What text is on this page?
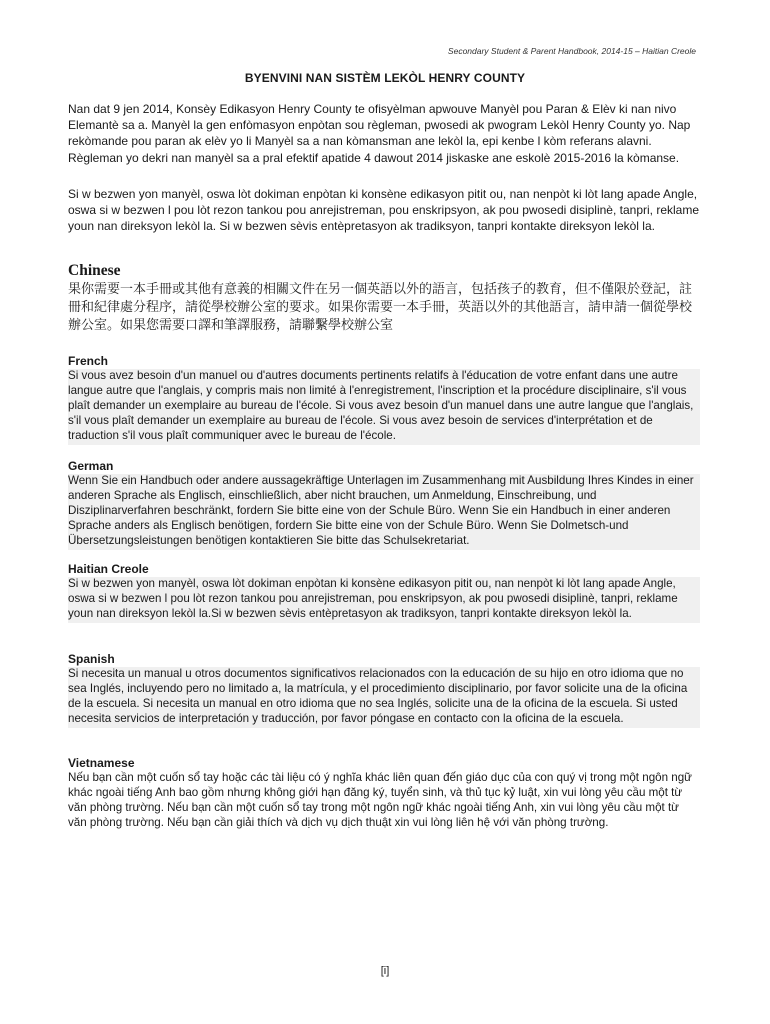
Secondary Student & Parent Handbook, 2014-15 – Haitian Creole
BYENVINI NAN SISTÈM LEKÒL HENRY COUNTY

Nan dat 9 jen 2014, Konsèy Edikasyon Henry County te ofisyèlman apwouve Manyèl pou Paran & Elèv ki nan nivo Elemantè sa a. Manyèl la gen enfòmasyon enpòtan sou règleman, pwosedi ak pwogram Lekòl Henry County yo. Nap rekòmande pou paran ak elèv yo li Manyèl sa a nan kòmansman ane lekòl la, epi kenbe l kòm referans alavni. Règleman yo dekri nan manyèl sa a pral efektif apatide 4 dawout 2014 jiskaske ane eskolè 2015-2016 la kòmanse.

Si w bezwen yon manyèl, oswa lòt dokiman enpòtan ki konsène edikasyon pitit ou, nan nenpòt ki lòt lang apade Angle, oswa si w bezwen l pou lòt rezon tankou pou anrejistreman, pou enskripsyon, ak pou pwosedi disiplinè, tanpri, reklame youn nan direksyon lekòl la. Si w bezwen sèvis entèpretasyon ak tradiksyon, tanpri kontakte direksyon lekòl la.

Chinese

果你需要一本手冊或其他有意義的相關文件在另一個英語以外的語言，包括孩子的教育，但不僅限於登記，註冊和紀律處分程序，請從學校辦公室的要求。如果你需要一本手冊，英語以外的其他語言，請申請一個從學校辦公室。如果您需要口譯和筆譯服務，請聯繫學校辦公室

French

Si vous avez besoin d'un manuel ou d'autres documents pertinents relatifs à l'éducation de votre enfant dans une autre langue autre que l'anglais, y compris mais non limité à l'enregistrement, l'inscription et la procédure disciplinaire, s'il vous plaît demander un exemplaire au bureau de l'école. Si vous avez besoin d'un manuel dans une autre langue que l'anglais, s'il vous plaît demander un exemplaire au bureau de l'école. Si vous avez besoin de services d'interprétation et de traduction s'il vous plaît communiquer avec le bureau de l'école.

German

Wenn Sie ein Handbuch oder andere aussagekräftige Unterlagen im Zusammenhang mit Ausbildung Ihres Kindes in einer anderen Sprache als Englisch, einschließlich, aber nicht brauchen, um Anmeldung, Einschreibung, und Disziplinarverfahren beschränkt, fordern Sie bitte eine von der Schule Büro. Wenn Sie ein Handbuch in einer anderen Sprache anders als Englisch benötigen, fordern Sie bitte eine von der Schule Büro. Wenn Sie Dolmetsch-und Übersetzungsleistungen benötigen kontaktieren Sie bitte das Schulsekretariat.

Haitian Creole

Si w bezwen yon manyèl, oswa lòt dokiman enpòtan ki konsène edikasyon pitit ou, nan nenpòt ki lòt lang apade Angle, oswa si w bezwen l pou lòt rezon tankou pou anrejistreman, pou enskripsyon, ak pou pwosedi disiplinè, tanpri, reklame youn nan direksyon lekòl la.Si w bezwen sèvis entèpretasyon ak tradiksyon, tanpri kontakte direksyon lekòl la.

Spanish

Si necesita un manual u otros documentos significativos relacionados con la educación de su hijo en otro idioma que no sea Inglés, incluyendo pero no limitado a, la matrícula, y el procedimiento disciplinario, por favor solicite una de la oficina de la escuela. Si necesita un manual en otro idioma que no sea Inglés, solicite una de la oficina de la escuela. Si usted necesita servicios de interpretación y traducción, por favor póngase en contacto con la oficina de la escuela.

Vietnamese

Nếu bạn cần một cuốn sổ tay hoặc các tài liệu có ý nghĩa khác liên quan đến giáo dục của con quý vị trong một ngôn ngữ khác ngoài tiếng Anh bao gồm nhưng không giới hạn đăng ký, tuyển sinh, và thủ tục kỷ luật, xin vui lòng yêu cầu một từ văn phòng trường. Nếu bạn cần một cuốn sổ tay trong một ngôn ngữ khác ngoài tiếng Anh, xin vui lòng yêu cầu một từ văn phòng trường. Nếu bạn cần giải thích và dịch vụ dịch thuật xin vui lòng liên hệ với văn phòng trường.

[i]
